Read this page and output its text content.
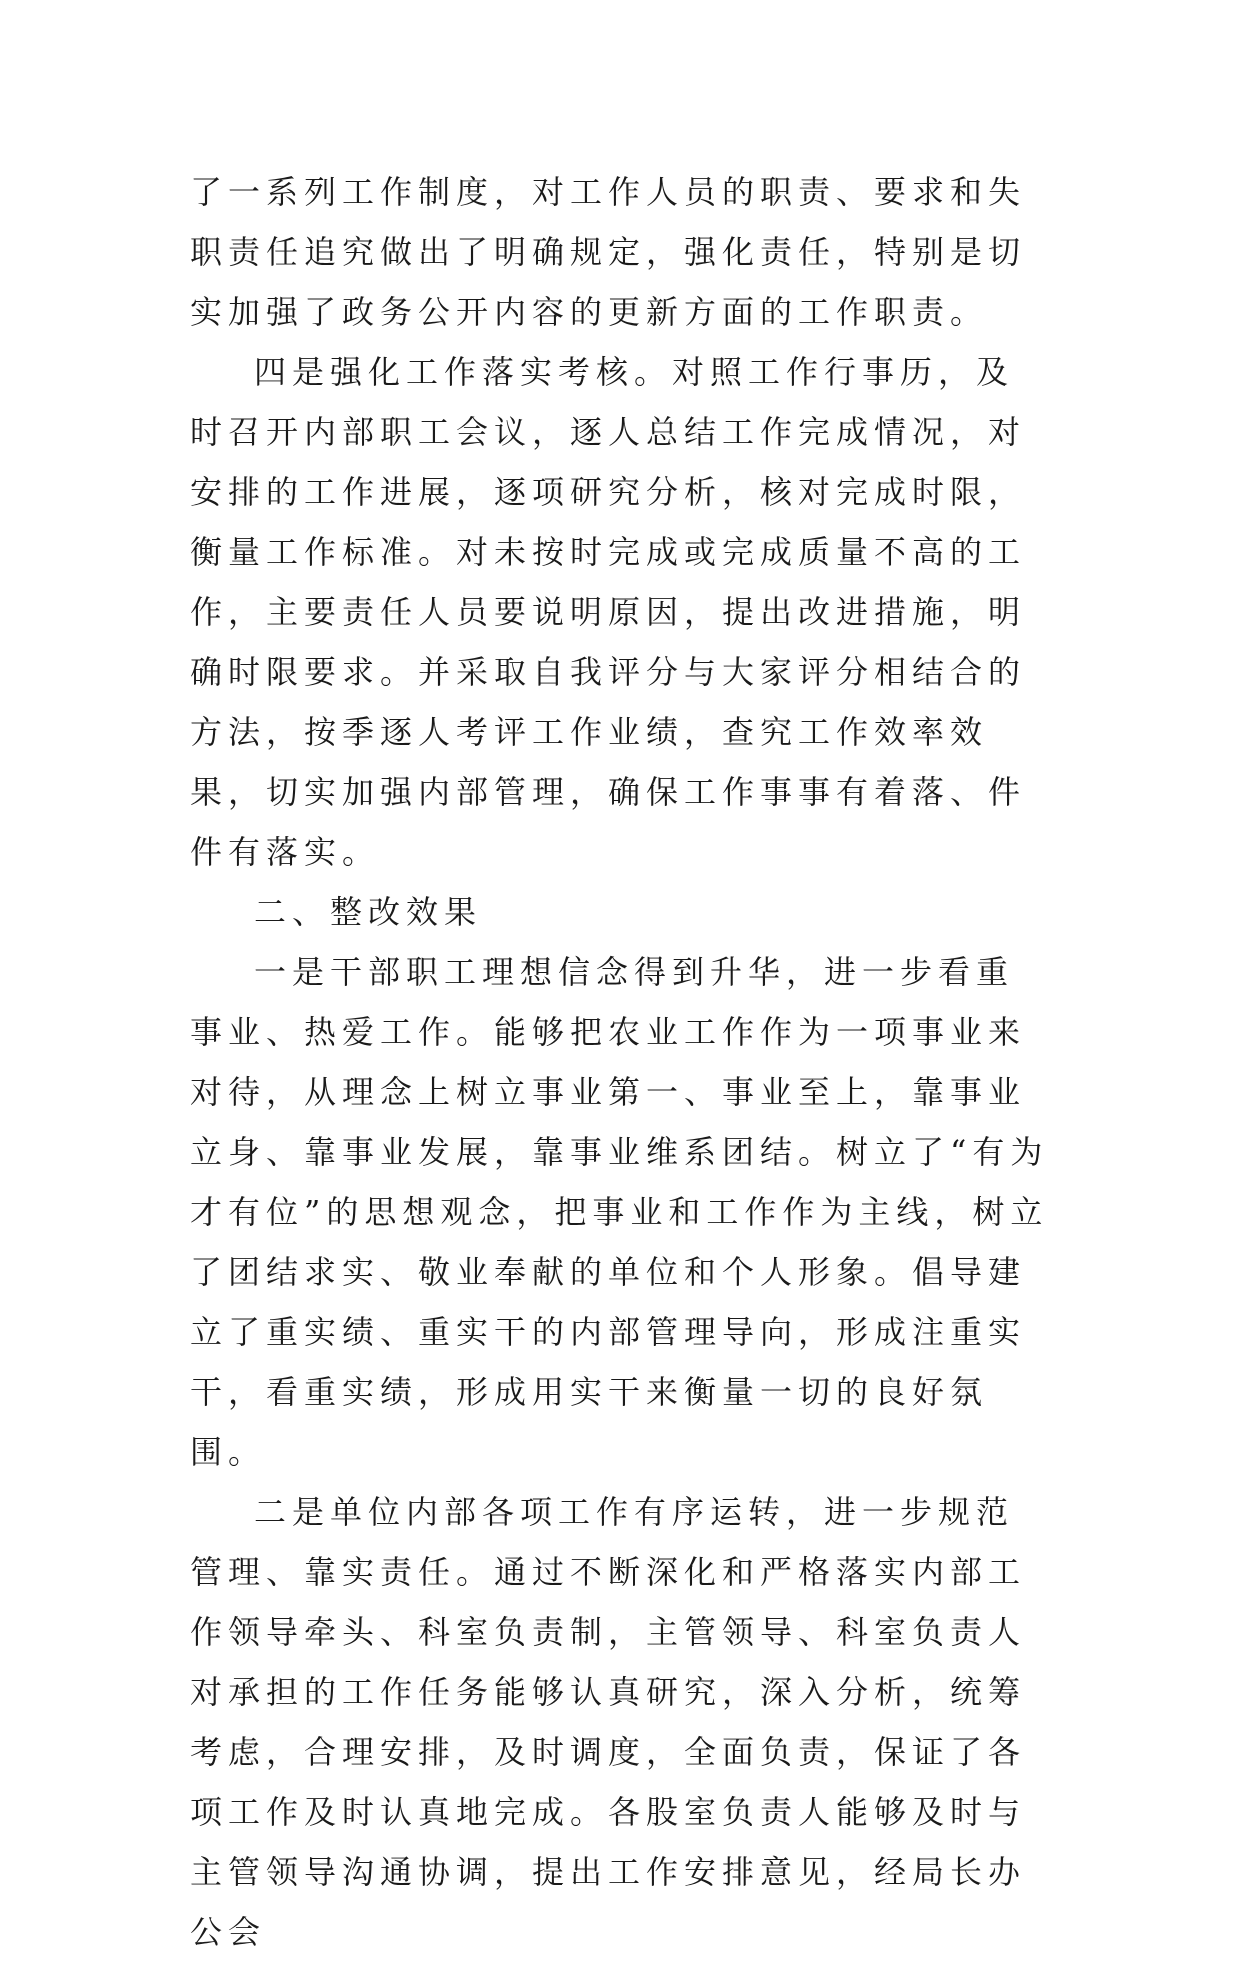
了一系列工作制度，对工作人员的职责、要求和失职责任追究做出了明确规定，强化责任，特别是切实加强了政务公开内容的更新方面的工作职责。

四是强化工作落实考核。对照工作行事历，及时召开内部职工会议，逐人总结工作完成情况，对安排的工作进展，逐项研究分析，核对完成时限，衡量工作标准。对未按时完成或完成质量不高的工作，主要责任人员要说明原因，提出改进措施，明确时限要求。并采取自我评分与大家评分相结合的方法，按季逐人考评工作业绩，查究工作效率效果，切实加强内部管理，确保工作事事有着落、件件有落实。

二、整改效果

一是干部职工理想信念得到升华，进一步看重事业、热爱工作。能够把农业工作作为一项事业来对待，从理念上树立事业第一、事业至上，靠事业立身、靠事业发展，靠事业维系团结。树立了“有为才有位”的思想观念，把事业和工作作为主线，树立了团结求实、敬业奉献的单位和个人形象。倡导建立了重实绩、重实干的内部管理导向，形成注重实干，看重实绩，形成用实干来衡量一切的良好氛围。

二是单位内部各项工作有序运转，进一步规范管理、靠实责任。通过不断深化和严格落实内部工作领导牵头、科室负责制，主管领导、科室负责人对承担的工作任务能够认真研究，深入分析，统筹考虑，合理安排，及时调度，全面负责，保证了各项工作及时认真地完成。各股室负责人能够及时与主管领导沟通协调，提出工作安排意见，经局长办公会
